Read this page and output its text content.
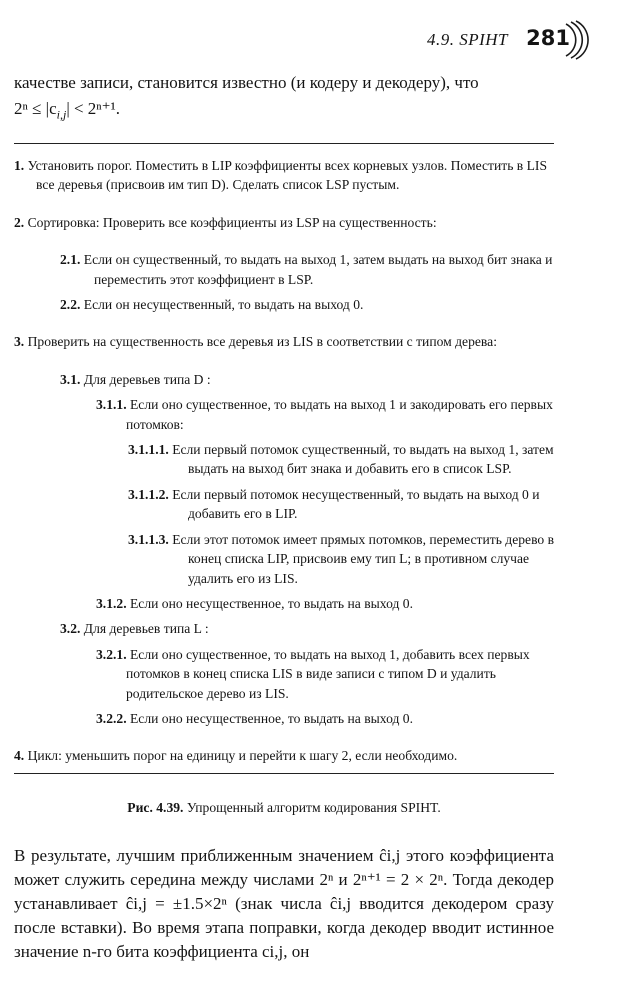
4.9. SPIHT 281
качестве записи, становится известно (и кодеру и декодеру), что
$2^n \le |c_{i,j}| < 2^{n+1}$.

1. Установить порог. Поместить в LIP коэффициенты всех корневых узлов. Поместить в LIS все деревья (присвоив им тип D). Сделать список LSP пустым.

2. Сортировка: Проверить все коэффициенты из LSP на существенность:

2.1. Если он существенный, то выдать на выход 1, затем выдать на выход бит знака и переместить этот коэффициент в LSP.

2.2. Если он несущественный, то выдать на выход 0.

3. Проверить на существенность все деревья из LIS в соответствии с типом дерева:

3.1. Для деревьев типа D :

3.1.1. Если оно существенное, то выдать на выход 1 и закодировать его первых потомков:

3.1.1.1. Если первый потомок существенный, то выдать на выход 1, затем выдать на выход бит знака и добавить его в список LSP.

3.1.1.2. Если первый потомок несущественный, то выдать на выход 0 и добавить его в LIP.

3.1.1.3. Если этот потомок имеет прямых потомков, переместить дерево в конец списка LIP, присвоив ему тип L; в противном случае удалить его из LIS.

3.1.2. Если оно несущественное, то выдать на выход 0.

3.2. Для деревьев типа L :

3.2.1. Если оно существенное, то выдать на выход 1, добавить всех первых потомков в конец списка LIS в виде записи с типом D и удалить родительское дерево из LIS.

3.2.2. Если оно несущественное, то выдать на выход 0.

4. Цикл: уменьшить порог на единицу и перейти к шагу 2, если необходимо.

Рис. 4.39. Упрощенный алгоритм кодирования SPIHT.

В результате, лучшим приближенным значением ĉi,j этого коэффициента может служить середина между числами 2ⁿ и 2ⁿ⁺¹ = 2 × 2ⁿ. Тогда декодер устанавливает ĉi,j = ±1.5×2ⁿ (знак числа ĉi,j вводится декодером сразу после вставки). Во время этапа поправки, когда декодер вводит истинное значение n-го бита коэффициента ci,j, он
